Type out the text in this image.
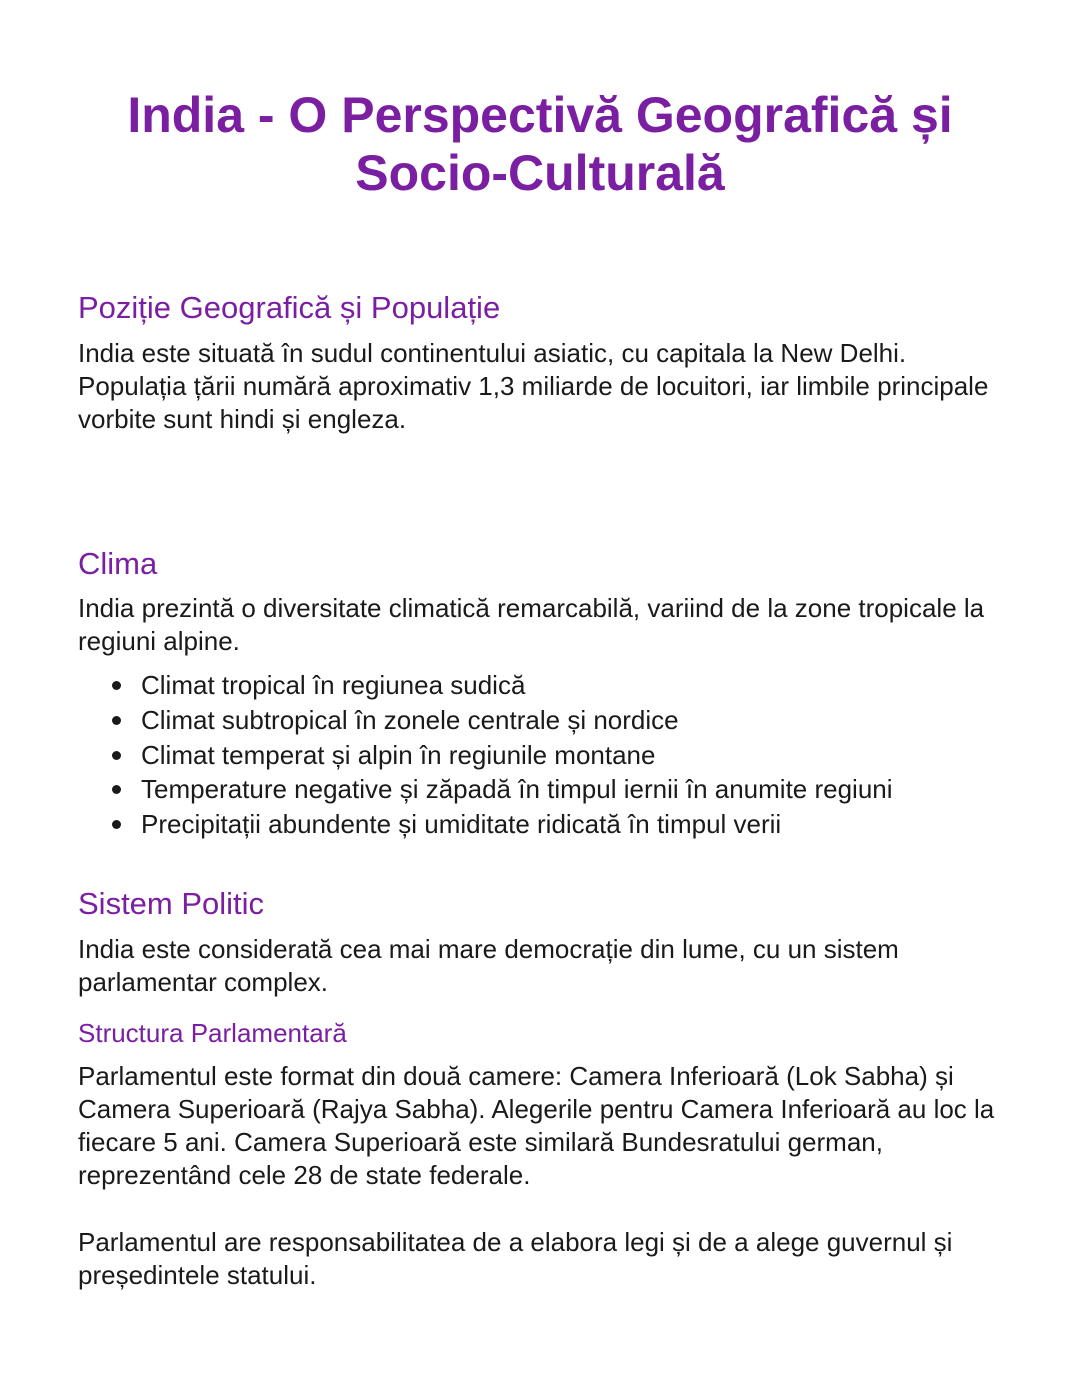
India - O Perspectivă Geografică și Socio-Culturală
Poziție Geografică și Populație

India este situată în sudul continentului asiatic, cu capitala la New Delhi. Populația țării numără aproximativ 1,3 miliarde de locuitori, iar limbile principale vorbite sunt hindi și engleza.

Clima

India prezintă o diversitate climatică remarcabilă, variind de la zone tropicale la regiuni alpine.

Climat tropical în regiunea sudică
Climat subtropical în zonele centrale și nordice
Climat temperat și alpin în regiunile montane
Temperature negative și zăpadă în timpul iernii în anumite regiuni
Precipitații abundente și umiditate ridicată în timpul verii
Sistem Politic

India este considerată cea mai mare democrație din lume, cu un sistem parlamentar complex.

Structura Parlamentară

Parlamentul este format din două camere: Camera Inferioară (Lok Sabha) și Camera Superioară (Rajya Sabha). Alegerile pentru Camera Inferioară au loc la fiecare 5 ani. Camera Superioară este similară Bundesratului german, reprezentând cele 28 de state federale.

Parlamentul are responsabilitatea de a elabora legi și de a alege guvernul și președintele statului.
